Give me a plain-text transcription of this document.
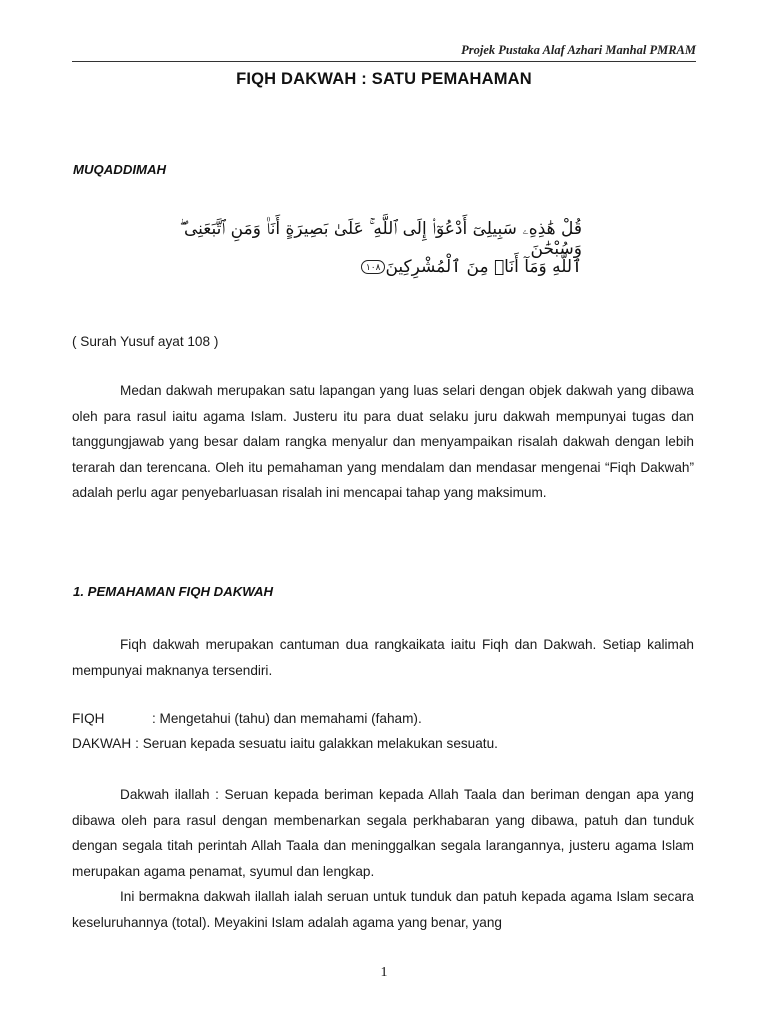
Projek Pustaka Alaf Azhari Manhal PMRAM
FIQH DAKWAH : SATU PEMAHAMAN
MUQADDIMAH
قُلْ هَٰذِهِۦ سَبِيلِىٓ أَدْعُوٓا۟ إِلَى ٱللَّهِ ۚ عَلَىٰ بَصِيرَةٍ أَنَا۠ وَمَنِ ٱتَّبَعَنِى ۖ وَسُبْحَٰنَ
ٱللَّهِ وَمَآ أَنَا۠ مِنَ ٱلْمُشْرِكِينَ١٠٨
( Surah Yusuf ayat 108 )
Medan dakwah merupakan satu lapangan yang luas selari dengan objek dakwah yang dibawa oleh para rasul iaitu agama Islam. Justeru itu para duat selaku juru dakwah mempunyai tugas dan tanggungjawab yang besar dalam rangka menyalur dan menyampaikan risalah dakwah dengan lebih terarah dan terencana. Oleh itu pemahaman yang mendalam dan mendasar mengenai “Fiqh Dakwah” adalah perlu agar penyebarluasan risalah ini mencapai tahap yang maksimum.
1. PEMAHAMAN FIQH DAKWAH
Fiqh dakwah merupakan cantuman dua rangkaikata iaitu Fiqh dan Dakwah. Setiap kalimah mempunyai maknanya tersendiri.
FIQH	: Mengetahui (tahu) dan memahami (faham).
DAKWAH : Seruan kepada sesuatu iaitu galakkan melakukan sesuatu.
Dakwah ilallah : Seruan kepada beriman kepada Allah Taala dan beriman dengan apa yang dibawa oleh para rasul dengan membenarkan segala perkhabaran yang dibawa, patuh dan tunduk dengan segala titah perintah Allah Taala dan meninggalkan segala larangannya, justeru agama Islam merupakan agama penamat, syumul dan lengkap.
Ini bermakna dakwah ilallah ialah seruan untuk tunduk dan patuh kepada agama Islam secara keseluruhannya (total). Meyakini Islam adalah agama yang benar, yang
1
